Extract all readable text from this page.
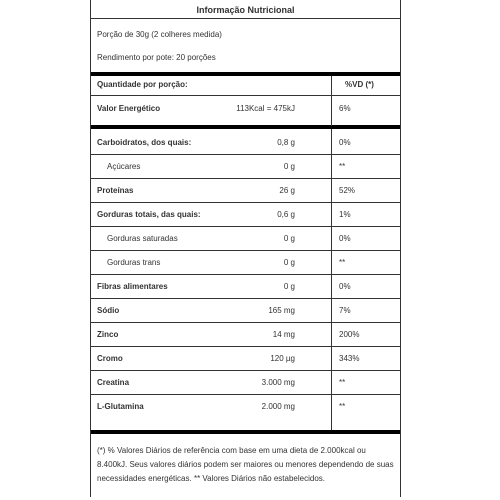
Informação Nutricional
Porção de 30g (2 colheres medida)
Rendimento por pote: 20 porções
Quantidade por porção:	%VD (*)
Valor Energético	113Kcal = 475kJ	6%
Carboidratos, dos quais:	0,8 g	0%
Açúcares	0 g	**
Proteínas	26 g	52%
Gorduras totais, das quais:	0,6 g	1%
Gorduras saturadas	0 g	0%
Gorduras trans	0 g	**
Fibras alimentares	0 g	0%
Sódio	165 mg	7%
Zinco	14 mg	200%
Cromo	120 µg	343%
Creatina	3.000 mg	**
L-Glutamina	2.000 mg	**
(*) % Valores Diários de referência com base em uma dieta de 2.000kcal ou 8.400kJ. Seus valores diários podem ser maiores ou menores dependendo de suas necessidades energéticas. ** Valores Diários não estabelecidos.
